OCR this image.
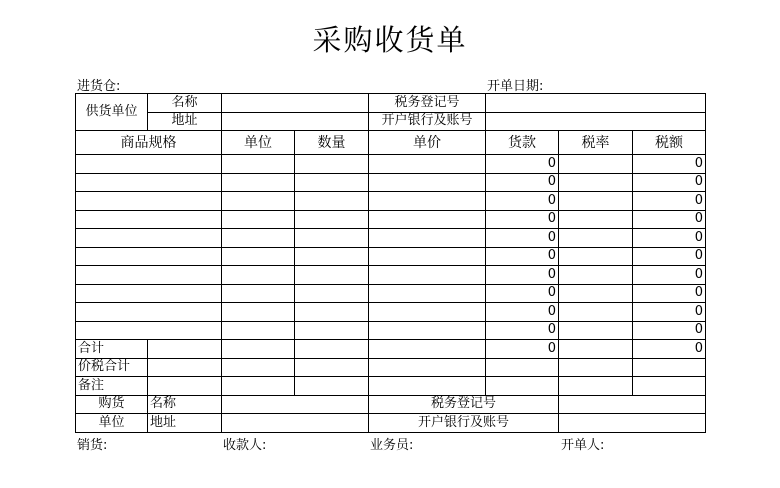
采购收货单
进货仓:	开单日期:
供货单位	名称			税务登记号			
	地址			开户银行及账号			
商品规格		单位	数量	单价	货款	税率	税额
					0		0
					0		0
					0		0
					0		0
					0		0
					0		0
					0		0
					0		0
					0		0
					0		0
合计					0		0
价税合计							
备注							
购货	名称			税务登记号			
单位	地址			开户银行及账号			
销货:	收款人:	业务员:	开单人:
